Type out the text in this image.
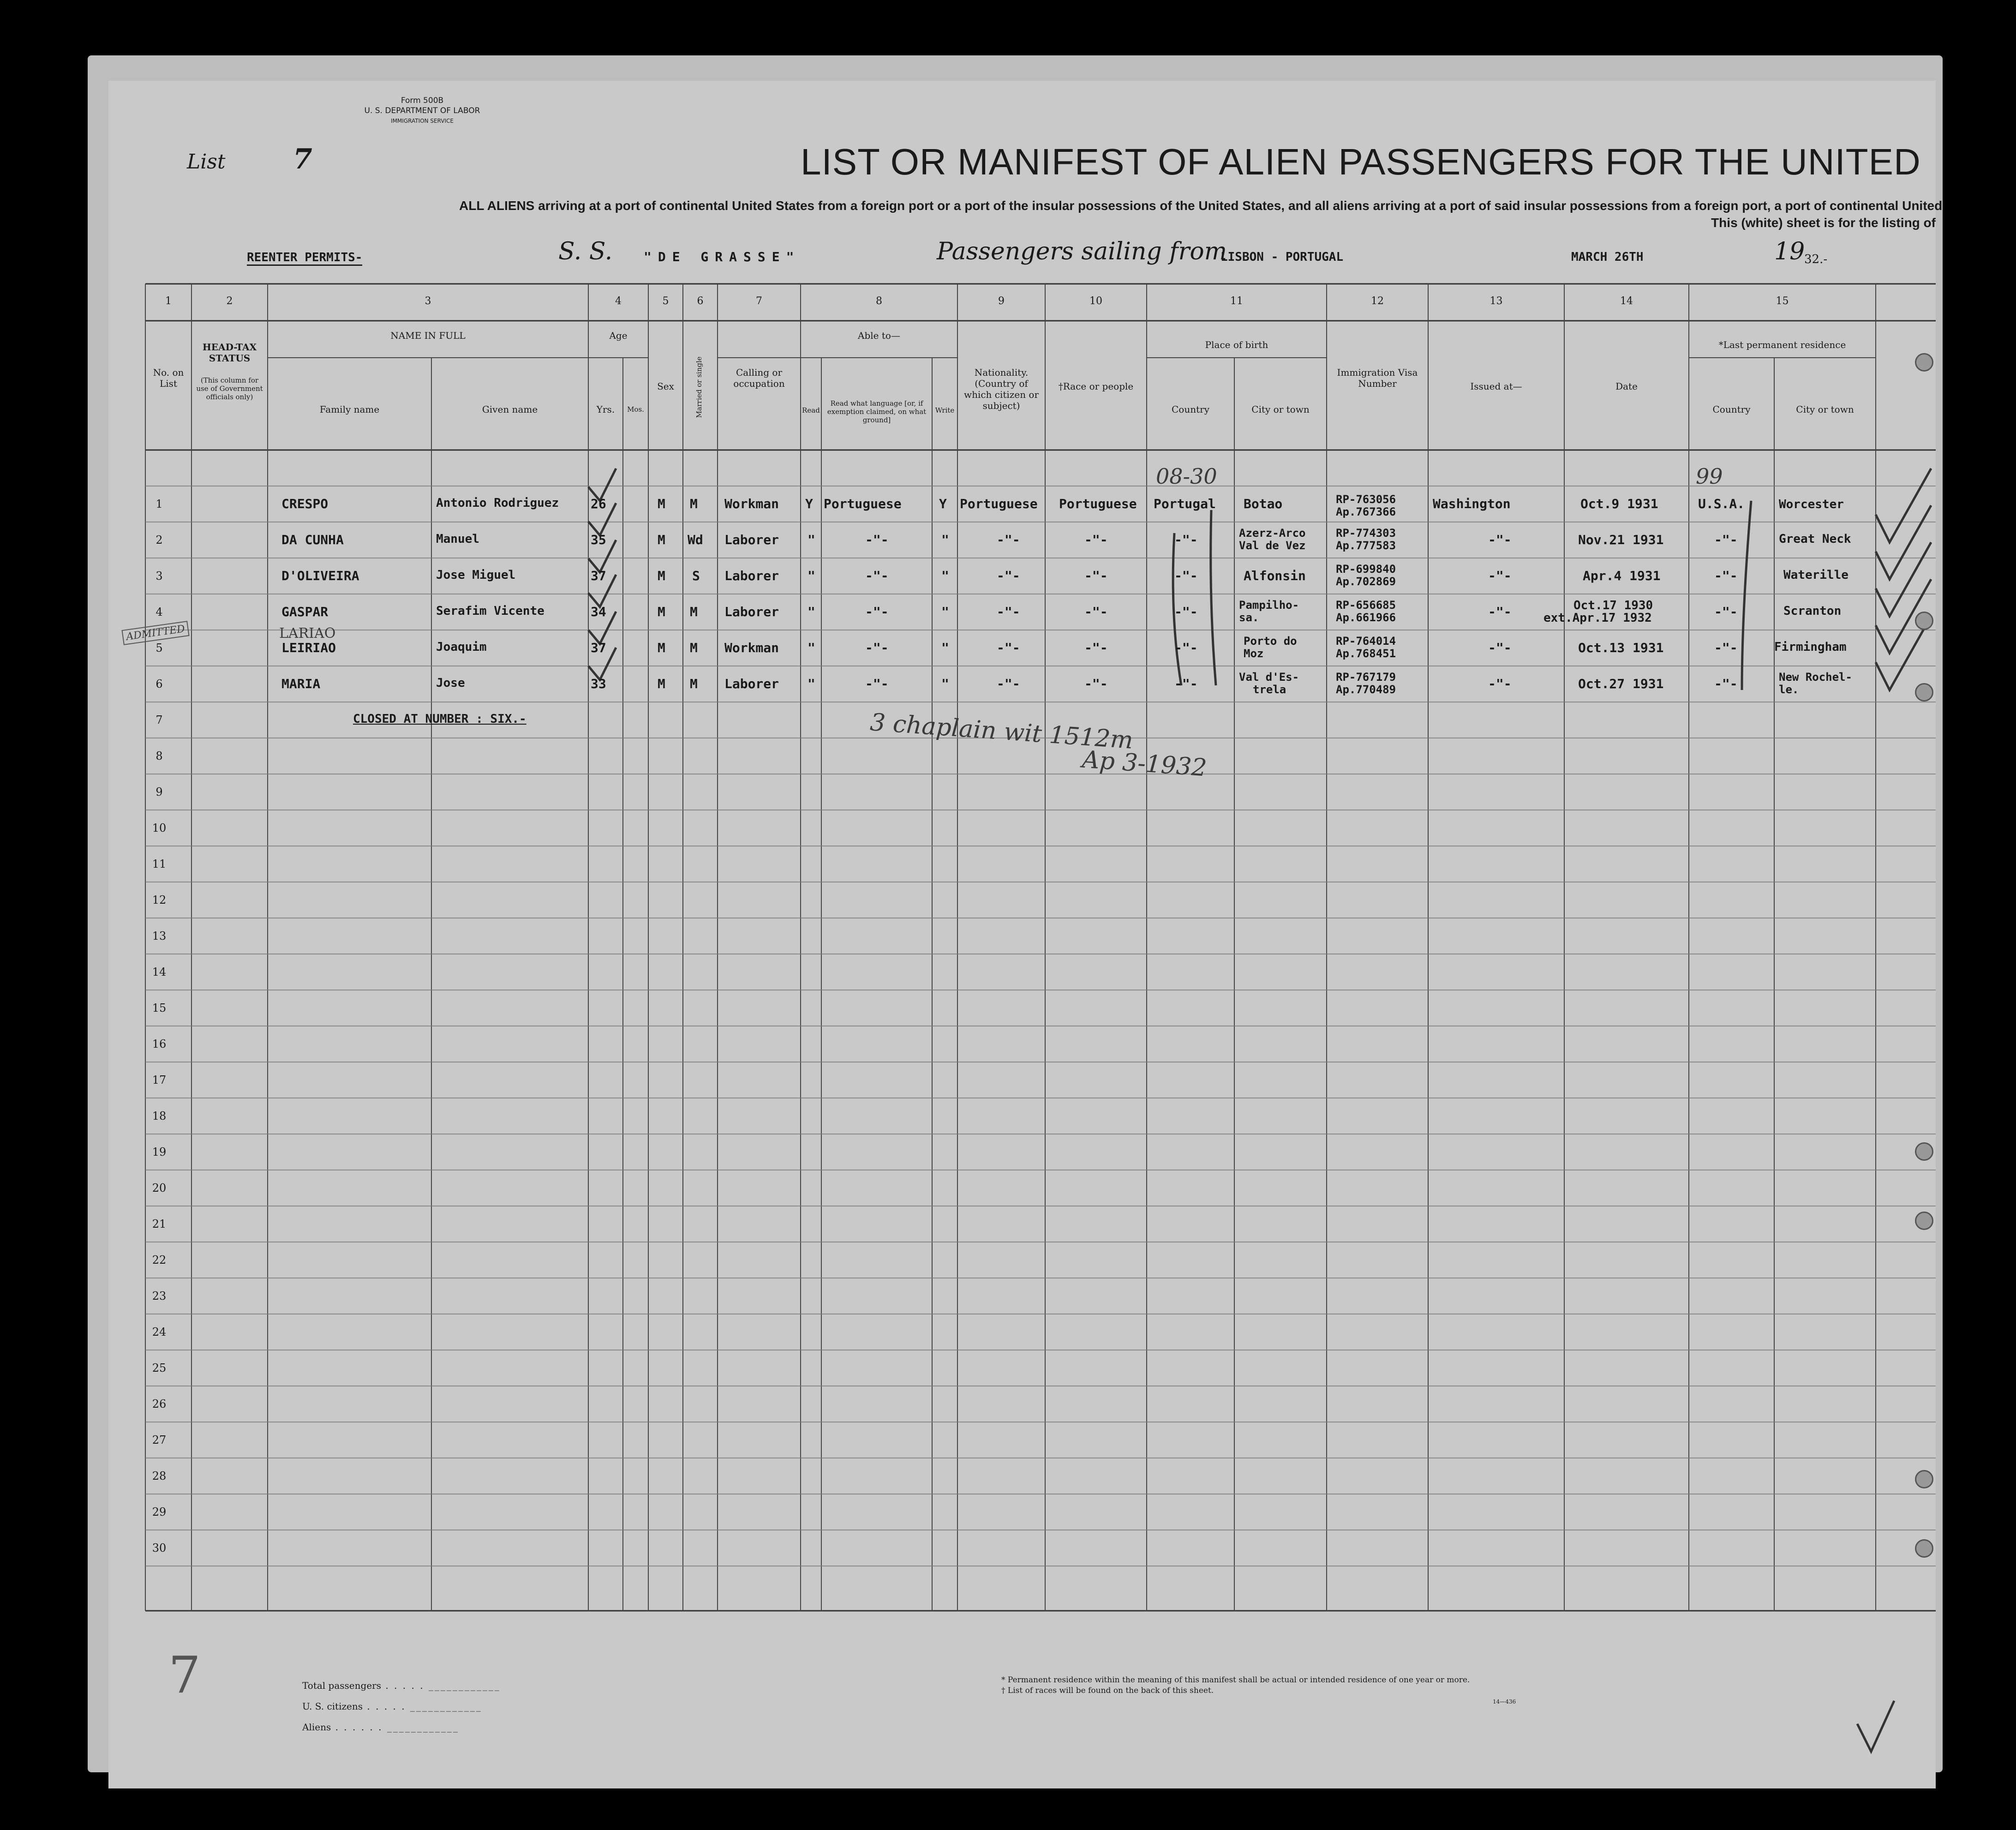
Form 500B
U. S. DEPARTMENT OF LABOR
IMMIGRATION SERVICE
List 7	LIST OR MANIFEST OF ALIEN PASSENGERS FOR THE UNITED
ALL ALIENS arriving at a port of continental United States from a foreign port or a port of the insular possessions of the United States, and all aliens arriving at a port of said insular possessions from a foreign port, a port of continental United
This (white) sheet is for the listing of
REENTER PERMITS-	S. S. "DE GRASSE"	Passengers sailing from
LISBON - PORTUGAL	MARCH 26TH	19
32.-
1	2	3	4	5	6	7	8	9	10	11	12	13	14	15
No. on List
HEAD-TAX STATUS
(This column for use of Government officials only)
NAME IN FULL
Family name	Given name
Age
Yrs.	Mos.
Sex	Married or single	Calling or occupation
Able to—
Read
Read what language [or, if exemption claimed, on what ground]
Write
Nationality. (Country of which citizen or subject)
†Race or people
Place of birth
Country	City or town
Immigration Visa Number	Issued at—	Date
*Last permanent residence
Country	City or town
1	CRESPO	Antonio Rodriguez 26	M M Workman Y Portuguese	Y Portuguese Portuguese Portugal Botao	RP-763056
Ap.767366
Washington	Oct.9 1931	U.S.A.	Worcester
2	DA CUNHA	Manuel	35	M Wd Laborer "	-"-	"	-"-	-"-	-"-	Azerz-Arco
Val de Vez
RP-774303
Ap.777583	-"-	Nov.21 1931	-"-	Great Neck
3	D'OLIVEIRA	Jose Miguel	37	M S Laborer "	-"-	"	-"-	-"-	-"-	Alfonsin	RP-699840
Ap.702869	-"-	Apr.4 1931	-"-	Waterille
4	GASPAR	Serafim Vicente	34	M M Laborer "	-"-	"	-"-	-"-	-"-	Pampilho-
sa.
RP-656685
Ap.661966	-"-	Oct.17 1930
ext.Apr.17 1932	-"-	Scranton
5	LEIRIAO	Joaquim	37	M M Workman "	-"-	"	-"-	-"-	-"-	Porto do
Moz
RP-764014
Ap.768451	-"-	Oct.13 1931	-"-	Firmingham
6	MARIA	Jose	33	M M Laborer "	-"-	"	-"-	-"-	-"-	Val d'Es-
trela
RP-767179
Ap.770489	-"-	Oct.27 1931	-"-	New Rochel-
le.
CLOSED AT NUMBER : SIX.-
7
8
9
10
11
12
13
14
15
16
17
18
19
20
21
22
23
24
25
26
27
28
29
30
08-30	99
ADMITTED	LARIAO
3 chaplain wit 1512m
Ap 3-1932
7	Total passengers . . . . . ____________
U. S. citizens . . . . . ____________
Aliens . . . . . . ____________
* Permanent residence within the meaning of this manifest shall be actual or intended residence of one year or more.
† List of races will be found on the back of this sheet.
14—436
